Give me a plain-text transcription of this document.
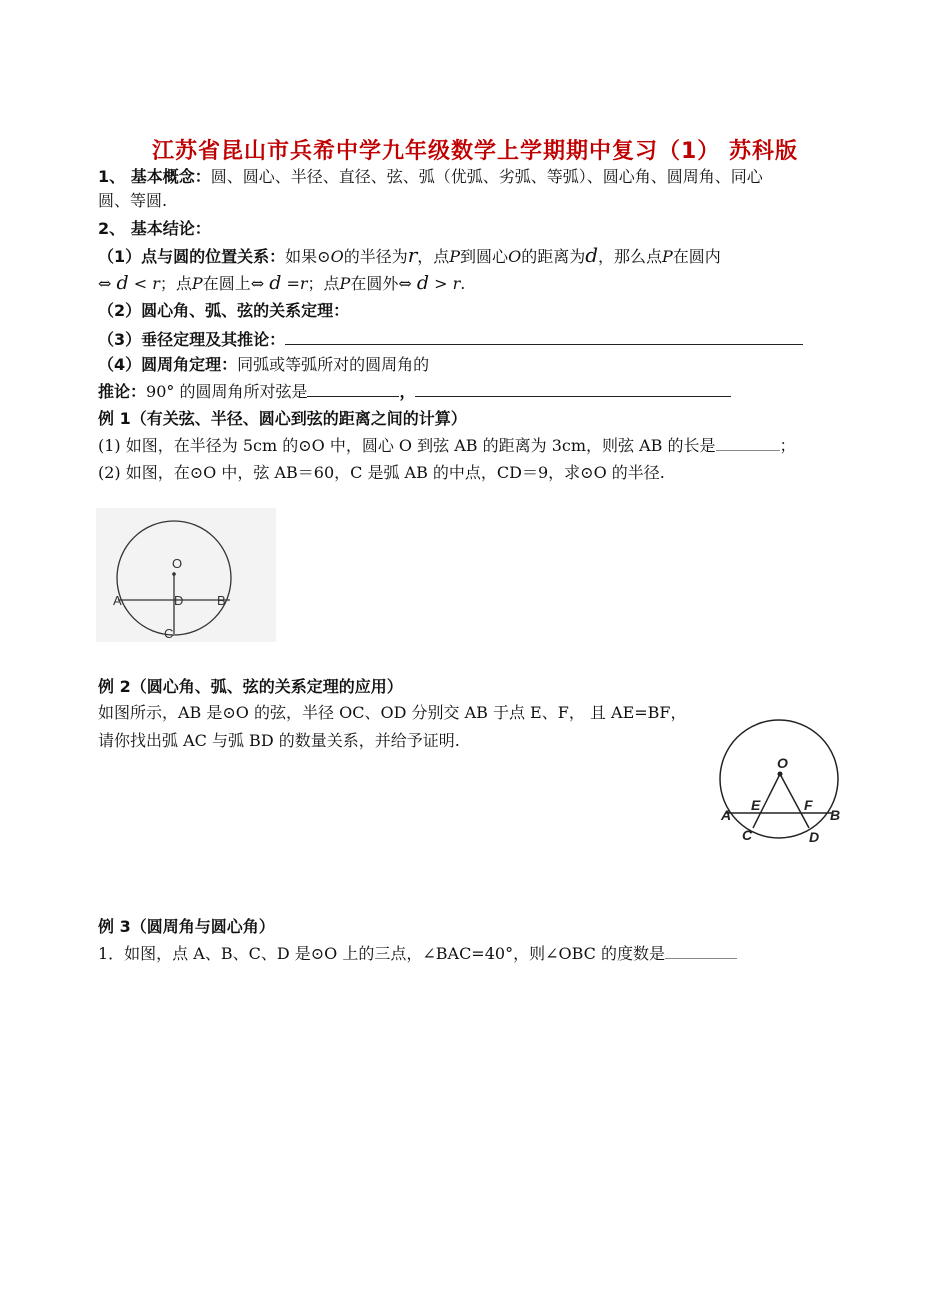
江苏省昆山市兵希中学九年级数学上学期期中复习（1） 苏科版
1、 基本概念：圆、圆心、半径、直径、弦、弧（优弧、劣弧、等弧）、圆心角、圆周角、同心
圆、等圆.
2、 基本结论：
（1）点与圆的位置关系：如果⊙O的半径为r，点P到圆心O的距离为d，那么点P在圆内
⇔ d < r；点P在圆上⇔ d =r；点P在圆外⇔ d > r.
（2）圆心角、弧、弦的关系定理：
（3）垂径定理及其推论：
（4）圆周角定理：同弧或等弧所对的圆周角的
推论：90° 的圆周角所对弦是	，
例 1（有关弦、半径、圆心到弦的距离之间的计算）
(1) 如图，在半径为 5cm 的⊙O 中，圆心 O 到弦 AB 的距离为 3cm，则弦 AB 的长是	；
(2) 如图，在⊙O 中，弦 AB＝60，C 是弧 AB 的中点，CD＝9，求⊙O 的半径.
O
A	D	B
C
例 2（圆心角、弧、弦的关系定理的应用）
如图所示，AB 是⊙O 的弦，半径 OC、OD 分别交 AB 于点 E、F， 且 AE=BF，
请你找出弧 AC 与弧 BD 的数量关系，并给予证明.
O
E	F
A	B
C	D
例 3（圆周角与圆心角）
1．如图，点 A、B、C、D 是⊙O 上的三点，∠BAC=40°，则∠OBC 的度数是
